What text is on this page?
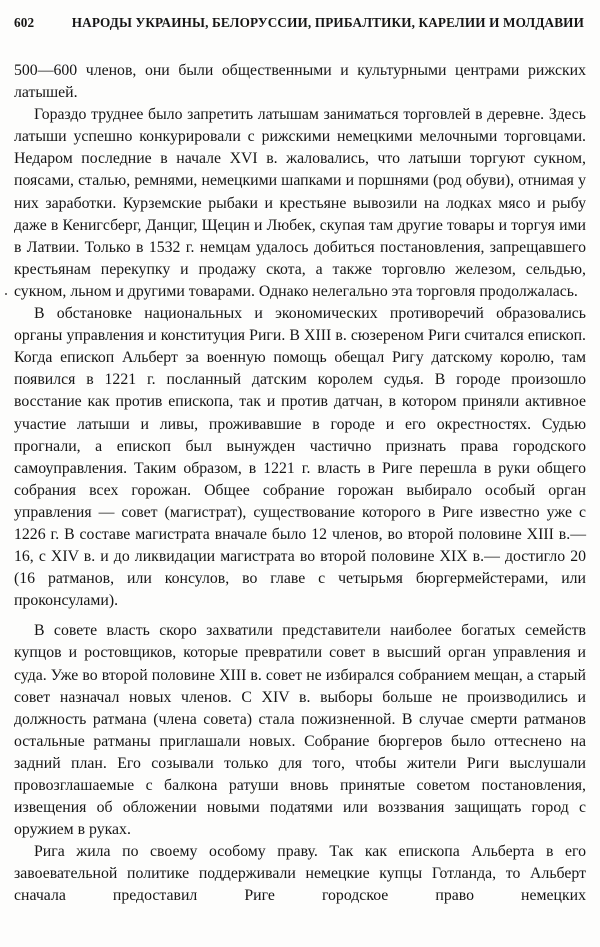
602	НАРОДЫ УКРАИНЫ, БЕЛОРУССИИ, ПРИБАЛТИКИ, КАРЕЛИИ И МОЛДАВИИ

500—600 членов, они были общественными и культурными центрами рижских латышей.

Гораздо труднее было запретить латышам заниматься торговлей в деревне. Здесь латыши успешно конкурировали с рижскими немецкими мелочными торговцами. Недаром последние в начале XVI в. жаловались, что латыши торгуют сукном, поясами, сталью, ремнями, немецкими шапками и поршнями (род обуви), отнимая у них заработки. Курземские рыбаки и крестьяне вывозили на лодках мясо и рыбу даже в Кенигсберг, Данциг, Щецин и Любек, скупая там другие товары и торгуя ими в Латвии. Только в 1532 г. немцам удалось добиться постановления, запрещавшего крестьянам перекупку и продажу скота, а также торговлю железом, сельдью, сукном, льном и другими товарами. Однако нелегально эта торговля продолжалась.

В обстановке национальных и экономических противоречий образовались органы управления и конституция Риги. В XIII в. сюзереном Риги считался епископ. Когда епископ Альберт за военную помощь обещал Ригу датскому королю, там появился в 1221 г. посланный датским королем судья. В городе произошло восстание как против епископа, так и против датчан, в котором приняли активное участие латыши и ливы, проживавшие в городе и его окрестностях. Судью прогнали, а епископ был вынужден частично признать права городского самоуправления. Таким образом, в 1221 г. власть в Риге перешла в руки общего собрания всех горожан. Общее собрание горожан выбирало особый орган управления — совет (магистрат), существование которого в Риге известно уже с 1226 г. В составе магистрата вначале было 12 членов, во второй половине XIII в.— 16, с XIV в. и до ликвидации магистрата во второй половине XIX в.— достигло 20 (16 ратманов, или консулов, во главе с четырьмя бюргермейстерами, или проконсулами).

В совете власть скоро захватили представители наиболее богатых семейств купцов и ростовщиков, которые превратили совет в высший орган управления и суда. Уже во второй половине XIII в. совет не избирался собранием мещан, а старый совет назначал новых членов. С XIV в. выборы больше не производились и должность ратмана (члена совета) стала пожизненной. В случае смерти ратманов остальные ратманы приглашали новых. Собрание бюргеров было оттеснено на задний план. Его созывали только для того, чтобы жители Риги выслушали провозглашаемые с балкона ратуши вновь принятые советом постановления, извещения об обложении новыми податями или воззвания защищать город с оружием в руках.

Рига жила по своему особому праву. Так как епископа Альберта в его завоевательной политике поддерживали немецкие купцы Готланда, то Альберт сначала предоставил Риге городское право немецких
